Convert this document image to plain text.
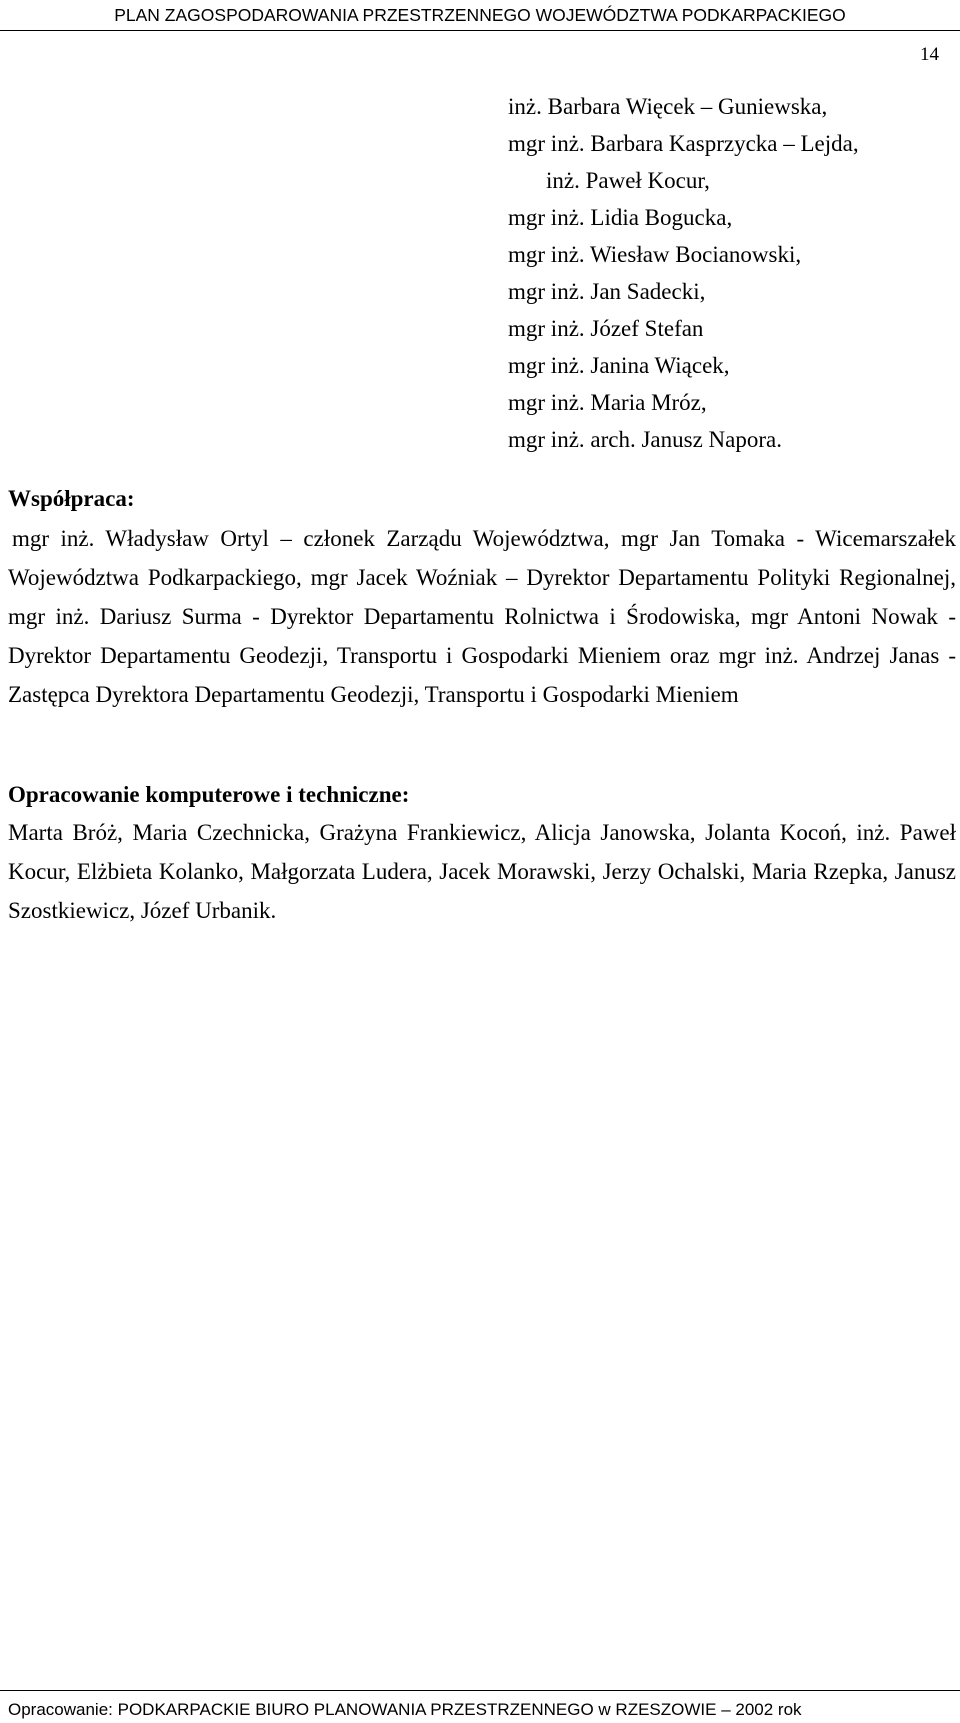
PLAN ZAGOSPODAROWANIA PRZESTRZENNEGO WOJEWÓDZTWA PODKARPACKIEGO
14
inż. Barbara Więcek – Guniewska,
mgr inż. Barbara Kasprzycka – Lejda,
inż. Paweł Kocur,
mgr inż. Lidia Bogucka,
mgr inż. Wiesław Bocianowski,
mgr inż. Jan Sadecki,
mgr inż. Józef Stefan
mgr inż. Janina Wiącek,
mgr inż. Maria Mróz,
mgr inż. arch. Janusz Napora.
Współpraca:

mgr inż. Władysław Ortyl – członek Zarządu Województwa, mgr Jan Tomaka - Wicemarszałek Województwa Podkarpackiego, mgr Jacek Woźniak – Dyrektor Departamentu Polityki Regionalnej, mgr inż. Dariusz Surma - Dyrektor Departamentu Rolnictwa i Środowiska, mgr Antoni Nowak - Dyrektor Departamentu Geodezji, Transportu i Gospodarki Mieniem oraz mgr inż. Andrzej Janas - Zastępca Dyrektora Departamentu Geodezji, Transportu i Gospodarki Mieniem

Opracowanie komputerowe i techniczne:

Marta Bróż, Maria Czechnicka, Grażyna Frankiewicz, Alicja Janowska, Jolanta Kocoń, inż. Paweł Kocur, Elżbieta Kolanko, Małgorzata Ludera, Jacek Morawski, Jerzy Ochalski, Maria Rzepka, Janusz Szostkiewicz, Józef Urbanik.

Opracowanie: PODKARPACKIE BIURO PLANOWANIA PRZESTRZENNEGO w RZESZOWIE – 2002 rok
